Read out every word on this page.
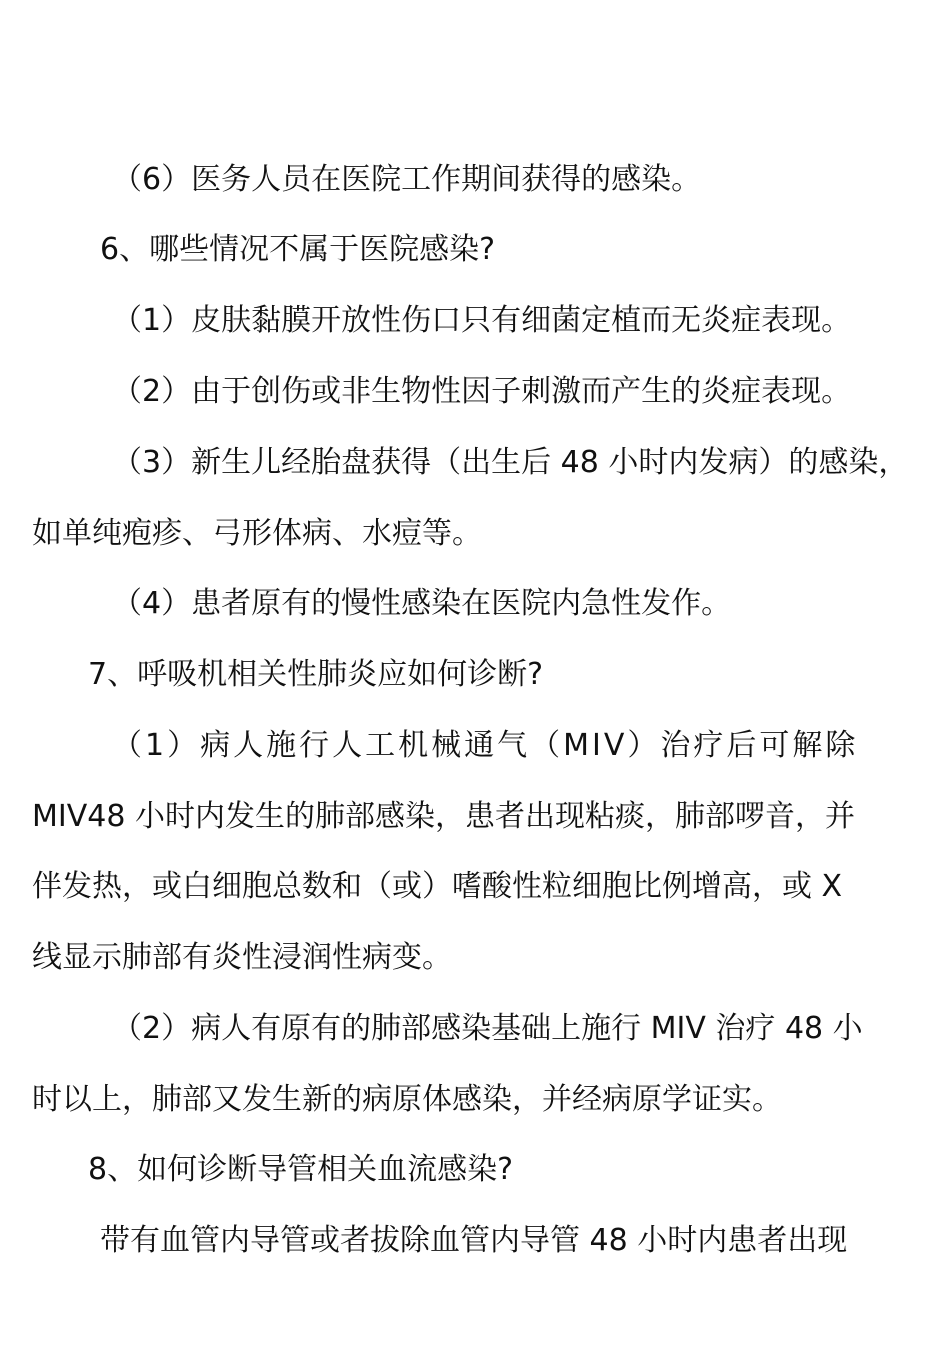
（6）医务人员在医院工作期间获得的感染。
6、哪些情况不属于医院感染?
（1）皮肤黏膜开放性伤口只有细菌定植而无炎症表现。
（2）由于创伤或非生物性因子刺激而产生的炎症表现。
（3）新生儿经胎盘获得（出生后 48 小时内发病）的感染，
如单纯疱疹、弓形体病、水痘等。
（4）患者原有的慢性感染在医院内急性发作。
7、呼吸机相关性肺炎应如何诊断?
（1）病人施行人工机械通气（MIV）治疗后可解除
MIV48 小时内发生的肺部感染，患者出现粘痰，肺部啰音，并
伴发热，或白细胞总数和（或）嗜酸性粒细胞比例增高，或 X
线显示肺部有炎性浸润性病变。
（2）病人有原有的肺部感染基础上施行 MIV 治疗 48 小
时以上，肺部又发生新的病原体感染，并经病原学证实。
8、如何诊断导管相关血流感染?
带有血管内导管或者拔除血管内导管 48 小时内患者出现
